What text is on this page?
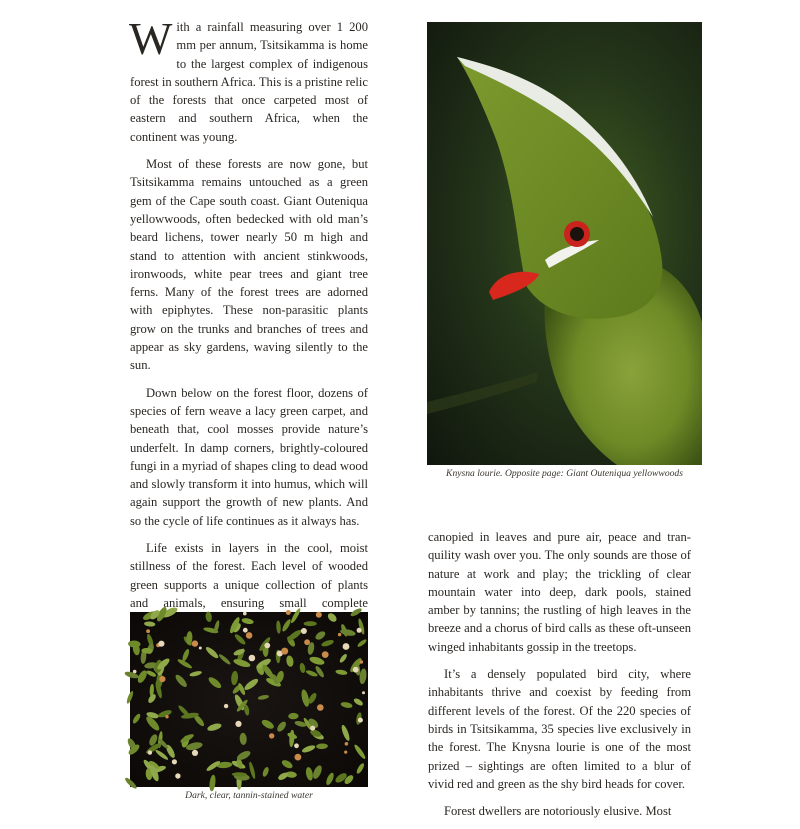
With a rainfall measuring over 1 200 mm per annum, Tsitsikamma is home to the largest complex of indigenous forest in southern Africa. This is a pristine relic of the forests that once carpeted most of eastern and southern Africa, when the continent was young.

Most of these forests are now gone, but Tsitsikamma remains untouched as a green gem of the Cape south coast. Giant Outeniqua yellowwoods, often bedecked with old man’s beard lichens, tower nearly 50 m high and stand to attention with ancient stinkwoods, ironwoods, white pear trees and giant tree ferns. Many of the forest trees are adorned with epiphytes. These non-parasitic plants grow on the trunks and branches of trees and appear as sky gardens, waving silently to the sun.

Down below on the forest floor, dozens of species of fern weave a lacy green carpet, and beneath that, cool mosses provide nature’s underfelt. In damp corners, brightly-coloured fungi in a myriad of shapes cling to dead wood and slowly transform it into humus, which will again support the growth of new plants. And so the cycle of life continues as it always has.

Life exists in layers in the cool, moist stillness of the forest. Each level of wooded green supports a unique collection of plants and animals, ensuring small complete

Knysna lourie. Opposite page: Giant Outeniqua yellowwoods

canopied in leaves and pure air, peace and tranquility wash over you. The only sounds are those of nature at work and play; the trickling of clear mountain water into deep, dark pools, stained amber by tannins; the rustling of high leaves in the breeze and a chorus of bird calls as these oft-unseen winged inhabitants gossip in the treetops.

It’s a densely populated bird city, where inhabitants thrive and coexist by feeding from different levels of the forest. Of the 220 species of birds in Tsitsikamma, 35 species live exclusively in the forest. The Knysna lourie is one of the most prized – sightings are often limited to a blur of vivid red and green as the shy bird heads for cover.

Forest dwellers are notoriously elusive. Most

Dark, clear, tannin-stained water
